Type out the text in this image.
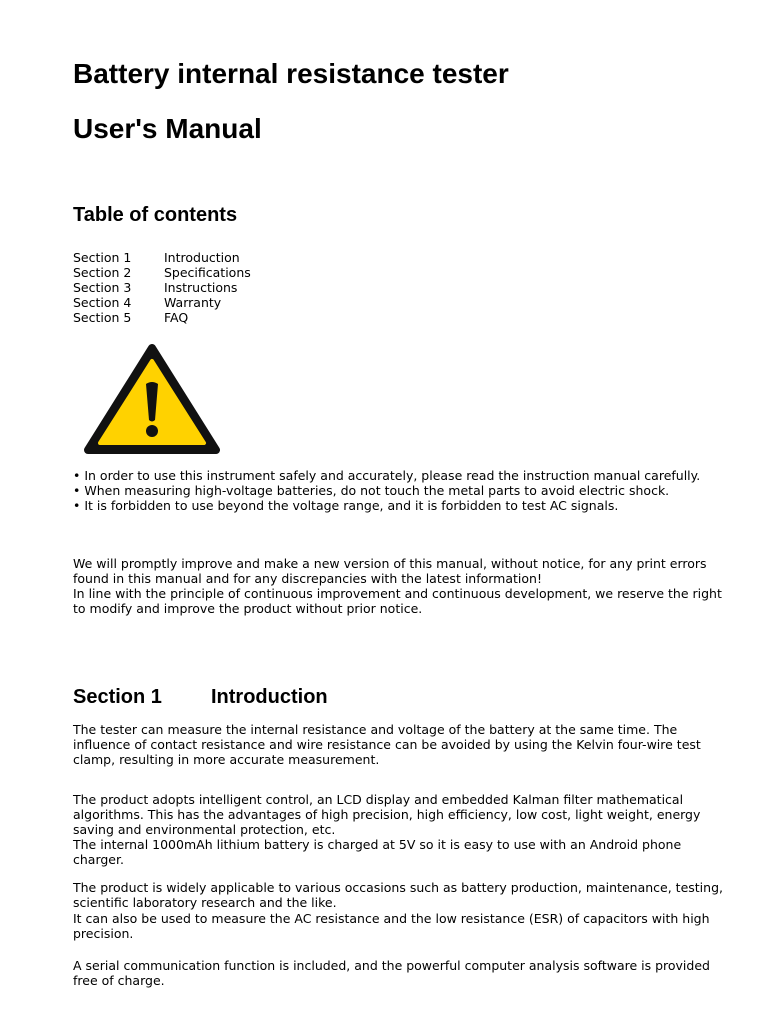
Battery internal resistance tester
User's Manual
Table of contents
Section 1	Introduction
Section 2	Specifications
Section 3	Instructions
Section 4	Warranty
Section 5	FAQ

• In order to use this instrument safely and accurately, please read the instruction manual carefully.

• When measuring high-voltage batteries, do not touch the metal parts to avoid electric shock.

• It is forbidden to use beyond the voltage range, and it is forbidden to test AC signals.

We will promptly improve and make a new version of this manual, without notice, for any print errors found in this manual and for any discrepancies with the latest information!

In line with the principle of continuous improvement and continuous development, we reserve the right to modify and improve the product without prior notice.

Section 1 Introduction

The tester can measure the internal resistance and voltage of the battery at the same time. The influence of contact resistance and wire resistance can be avoided by using the Kelvin four-wire test clamp, resulting in more accurate measurement.

The product adopts intelligent control, an LCD display and embedded Kalman filter mathematical algorithms. This has the advantages of high precision, high efficiency, low cost, light weight, energy saving and environmental protection, etc.

The internal 1000mAh lithium battery is charged at 5V so it is easy to use with an Android phone charger.

The product is widely applicable to various occasions such as battery production, maintenance, testing, scientific laboratory research and the like.

It can also be used to measure the AC resistance and the low resistance (ESR) of capacitors with high precision.

A serial communication function is included, and the powerful computer analysis software is provided free of charge.
